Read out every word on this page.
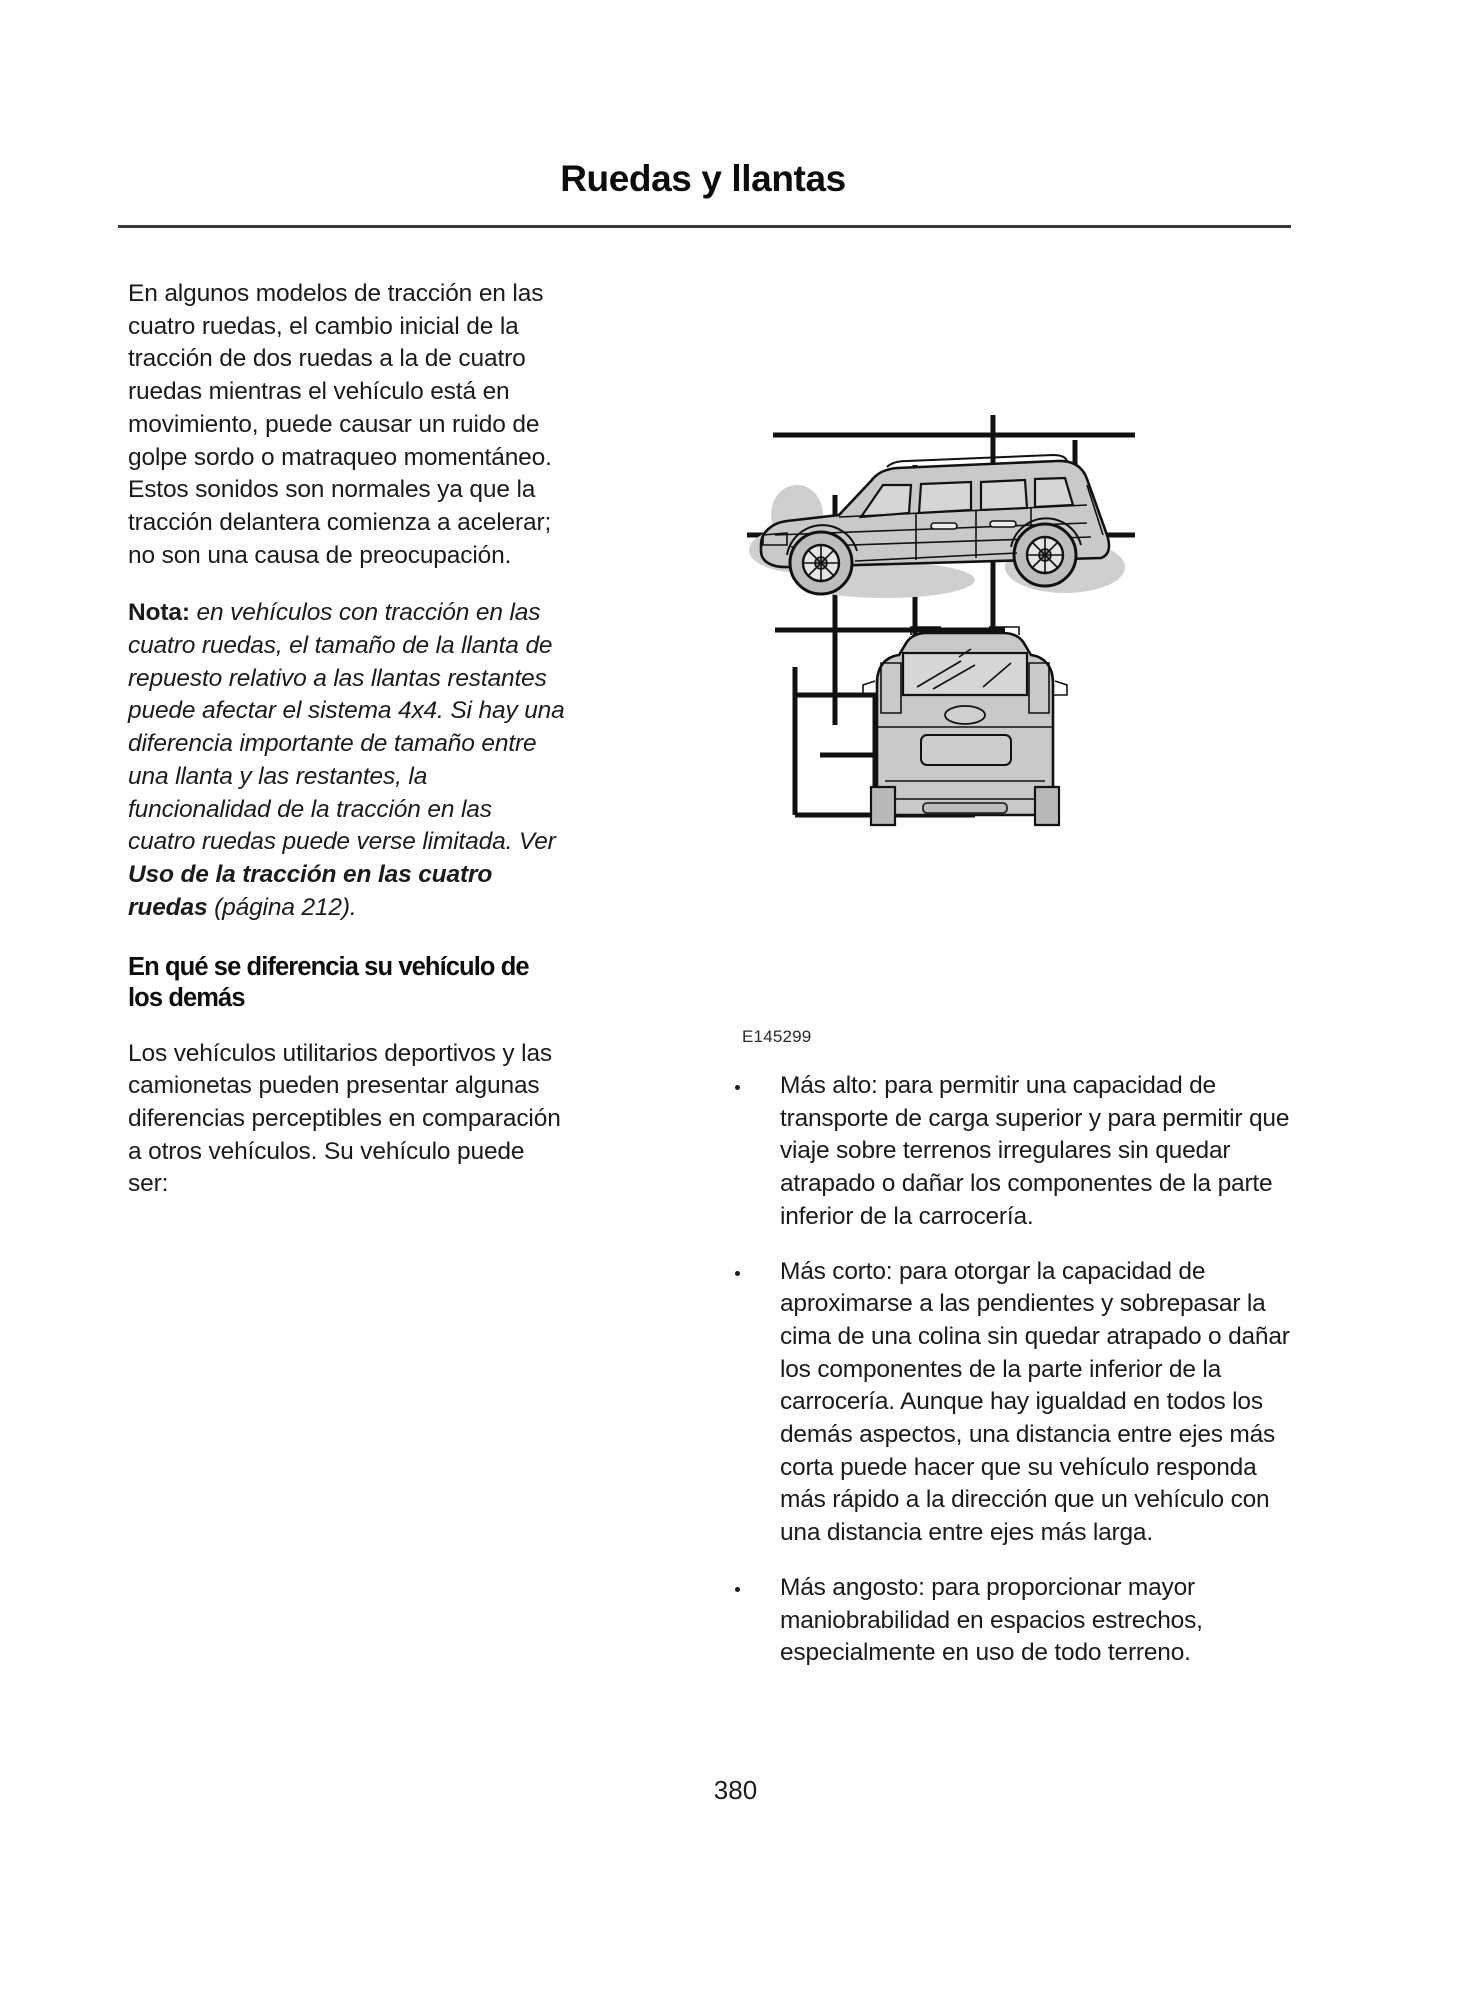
Ruedas y llantas

En algunos modelos de tracción en las cuatro ruedas, el cambio inicial de la tracción de dos ruedas a la de cuatro ruedas mientras el vehículo está en movimiento, puede causar un ruido de golpe sordo o matraqueo momentáneo. Estos sonidos son normales ya que la tracción delantera comienza a acelerar; no son una causa de preocupación.

Nota: en vehículos con tracción en las cuatro ruedas, el tamaño de la llanta de repuesto relativo a las llantas restantes puede afectar el sistema 4x4. Si hay una diferencia importante de tamaño entre una llanta y las restantes, la funcionalidad de la tracción en las cuatro ruedas puede verse limitada. Ver Uso de la tracción en las cuatro ruedas (página 212).

En qué se diferencia su vehículo de los demás

Los vehículos utilitarios deportivos y las camionetas pueden presentar algunas diferencias perceptibles en comparación a otros vehículos. Su vehículo puede ser:

E145299
Más alto: para permitir una capacidad de transporte de carga superior y para permitir que viaje sobre terrenos irregulares sin quedar atrapado o dañar los componentes de la parte inferior de la carrocería.
Más corto: para otorgar la capacidad de aproximarse a las pendientes y sobrepasar la cima de una colina sin quedar atrapado o dañar los componentes de la parte inferior de la carrocería. Aunque hay igualdad en todos los demás aspectos, una distancia entre ejes más corta puede hacer que su vehículo responda más rápido a la dirección que un vehículo con una distancia entre ejes más larga.
Más angosto: para proporcionar mayor maniobrabilidad en espacios estrechos, especialmente en uso de todo terreno.
380
